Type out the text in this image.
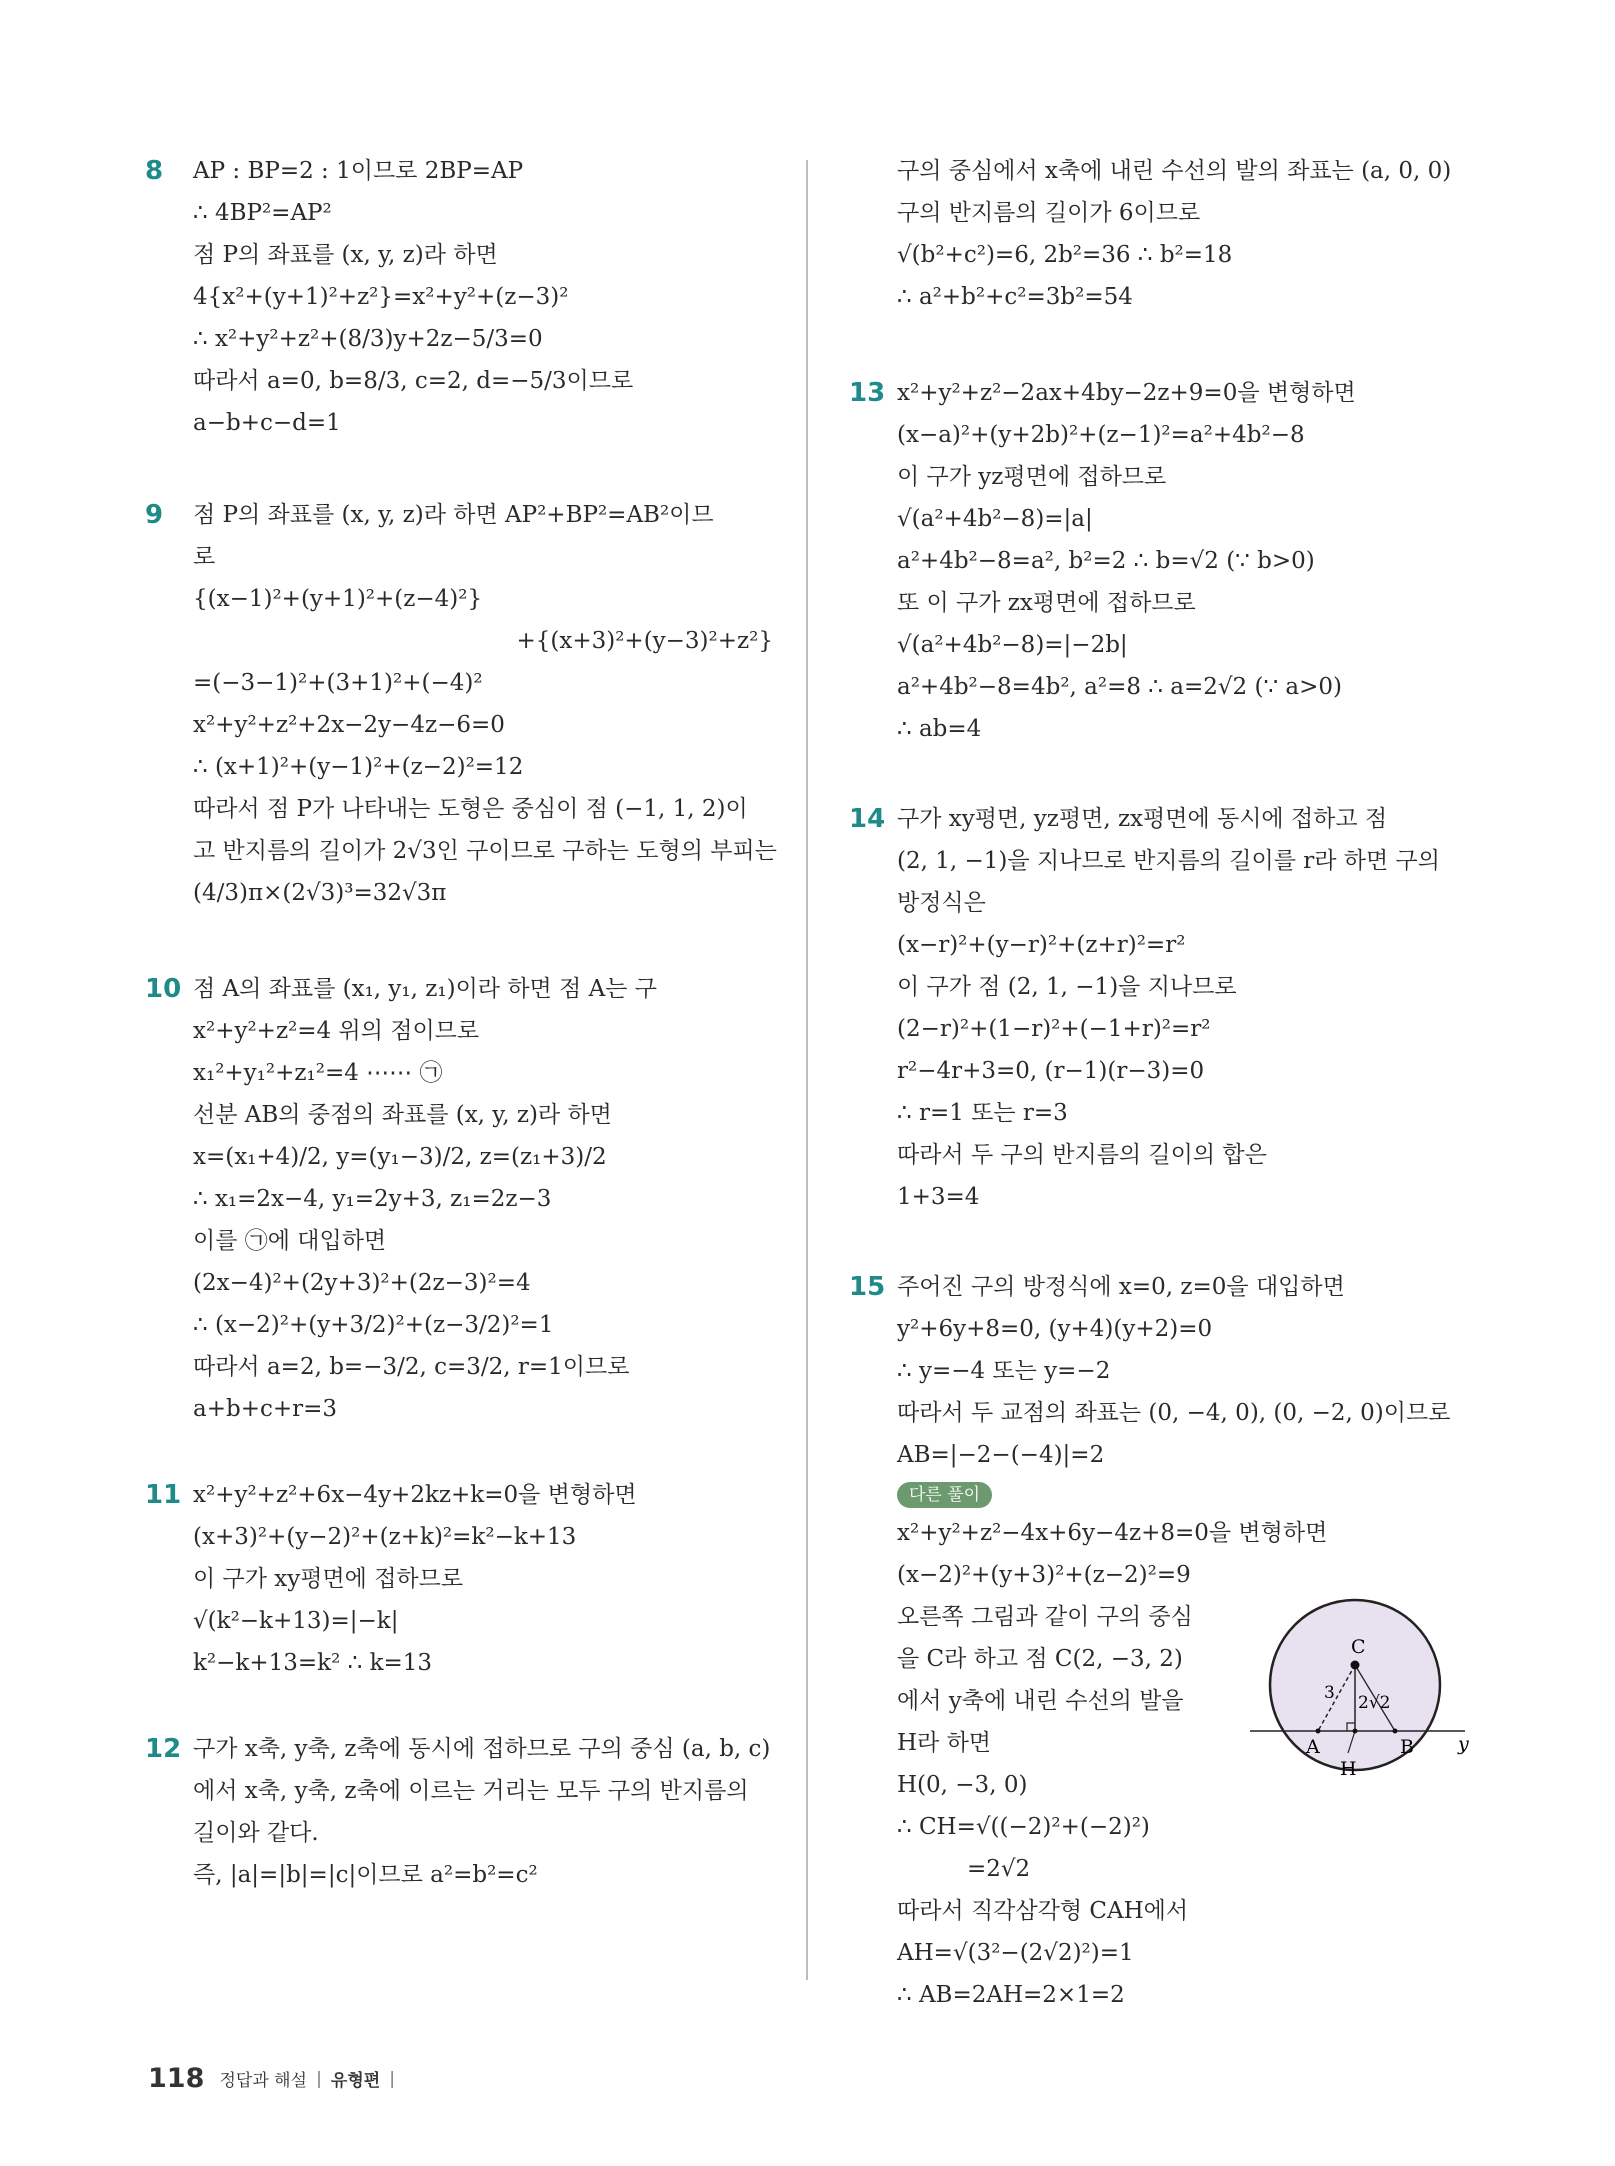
8 AP : BP=2 : 1이므로 2BP=AP
∴ 4BP²=AP²
점 P의 좌표를 (x, y, z)라 하면
4{x²+(y+1)²+z²}=x²+y²+(z−3)²
∴ x²+y²+z²+(8/3)y+2z−5/3=0
따라서 a=0, b=8/3, c=2, d=−5/3이므로
a−b+c−d=1
9 점 P의 좌표를 (x, y, z)라 하면 AP²+BP²=AB²이므
로
{(x−1)²+(y+1)²+(z−4)²}
+{(x+3)²+(y−3)²+z²}
=(−3−1)²+(3+1)²+(−4)²
x²+y²+z²+2x−2y−4z−6=0
∴ (x+1)²+(y−1)²+(z−2)²=12
따라서 점 P가 나타내는 도형은 중심이 점 (−1, 1, 2)이
고 반지름의 길이가 2√3인 구이므로 구하는 도형의 부피는
(4/3)π×(2√3)³=32√3π
10 점 A의 좌표를 (x₁, y₁, z₁)이라 하면 점 A는 구
x²+y²+z²=4 위의 점이므로
x₁²+y₁²+z₁²=4 ⋯⋯ ㉠
선분 AB의 중점의 좌표를 (x, y, z)라 하면
x=(x₁+4)/2, y=(y₁−3)/2, z=(z₁+3)/2
∴ x₁=2x−4, y₁=2y+3, z₁=2z−3
이를 ㉠에 대입하면
(2x−4)²+(2y+3)²+(2z−3)²=4
∴ (x−2)²+(y+3/2)²+(z−3/2)²=1
따라서 a=2, b=−3/2, c=3/2, r=1이므로
a+b+c+r=3
11 x²+y²+z²+6x−4y+2kz+k=0을 변형하면
(x+3)²+(y−2)²+(z+k)²=k²−k+13
이 구가 xy평면에 접하므로
√(k²−k+13)=|−k|
k²−k+13=k² ∴ k=13
12 구가 x축, y축, z축에 동시에 접하므로 구의 중심 (a, b, c)
에서 x축, y축, z축에 이르는 거리는 모두 구의 반지름의
길이와 같다.
즉, |a|=|b|=|c|이므로 a²=b²=c²
구의 중심에서 x축에 내린 수선의 발의 좌표는 (a, 0, 0)
구의 반지름의 길이가 6이므로
√(b²+c²)=6, 2b²=36 ∴ b²=18
∴ a²+b²+c²=3b²=54
13 x²+y²+z²−2ax+4by−2z+9=0을 변형하면
(x−a)²+(y+2b)²+(z−1)²=a²+4b²−8
이 구가 yz평면에 접하므로
√(a²+4b²−8)=|a|
a²+4b²−8=a², b²=2 ∴ b=√2 (∵ b>0)
또 이 구가 zx평면에 접하므로
√(a²+4b²−8)=|−2b|
a²+4b²−8=4b², a²=8 ∴ a=2√2 (∵ a>0)
∴ ab=4
14 구가 xy평면, yz평면, zx평면에 동시에 접하고 점
(2, 1, −1)을 지나므로 반지름의 길이를 r라 하면 구의
방정식은
(x−r)²+(y−r)²+(z+r)²=r²
이 구가 점 (2, 1, −1)을 지나므로
(2−r)²+(1−r)²+(−1+r)²=r²
r²−4r+3=0, (r−1)(r−3)=0
∴ r=1 또는 r=3
따라서 두 구의 반지름의 길이의 합은
1+3=4
15 주어진 구의 방정식에 x=0, z=0을 대입하면
y²+6y+8=0, (y+4)(y+2)=0
∴ y=−4 또는 y=−2
따라서 두 교점의 좌표는 (0, −4, 0), (0, −2, 0)이므로
AB=|−2−(−4)|=2
다른 풀이
x²+y²+z²−4x+6y−4z+8=0을 변형하면
(x−2)²+(y+3)²+(z−2)²=9
오른쪽 그림과 같이 구의 중심
을 C라 하고 점 C(2, −3, 2)
에서 y축에 내린 수선의 발을
H라 하면
H(0, −3, 0)
∴ CH=√((−2)²+(−2)²)
=2√2
따라서 직각삼각형 CAH에서
AH=√(3²−(2√2)²)=1
∴ AB=2AH=2×1=2
C
A	B
H
y
3 2√2
118 정답과 해설 | 유형편 |
